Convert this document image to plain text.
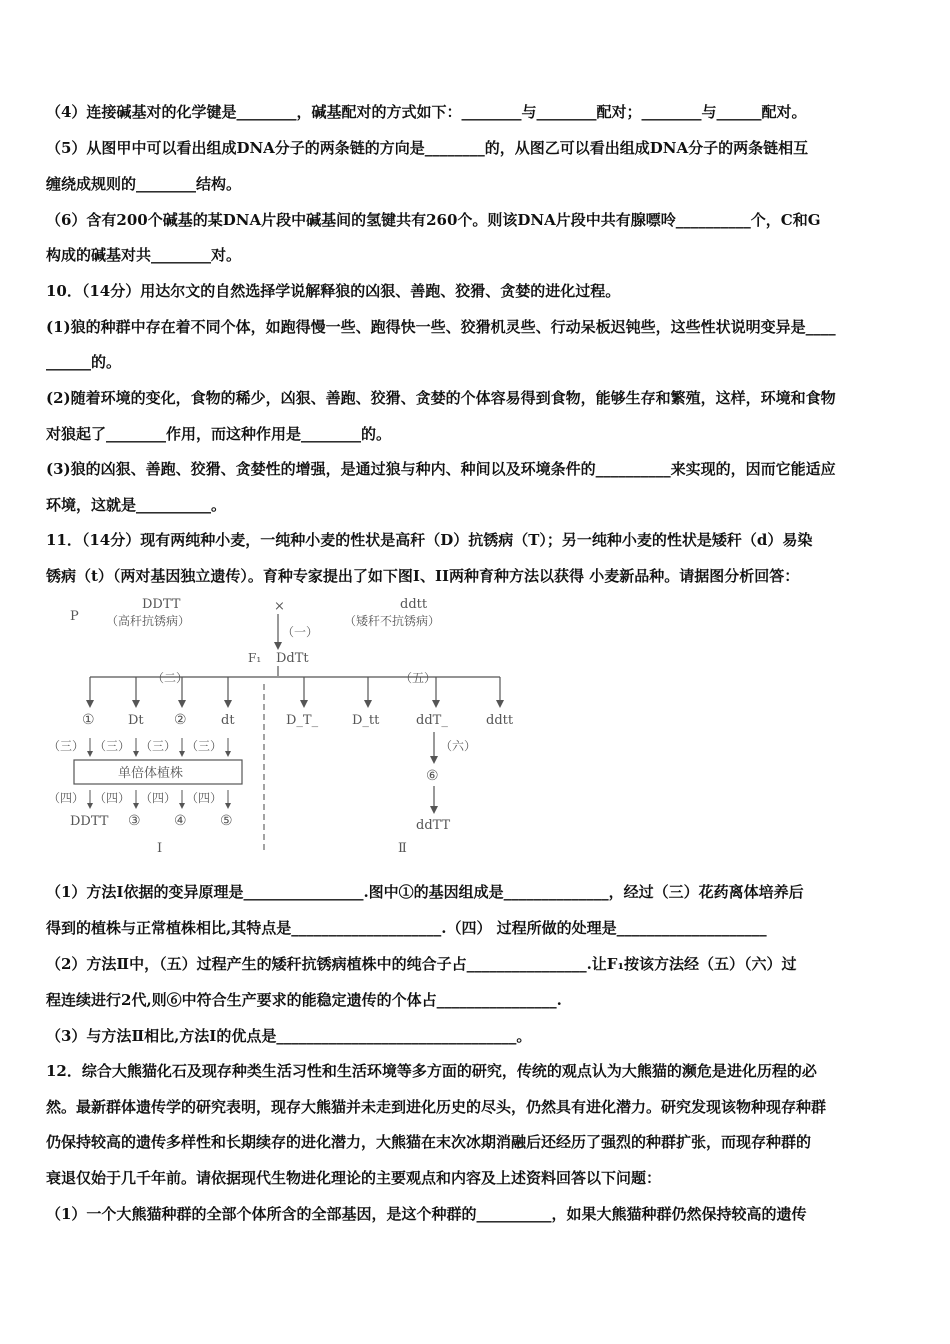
（4）连接碱基对的化学键是________，碱基配对的方式如下：________与________配对；________与______配对。
（5）从图甲中可以看出组成DNA分子的两条链的方向是________的，从图乙可以看出组成DNA分子的两条链相互
缠绕成规则的________结构。
（6）含有200个碱基的某DNA片段中碱基间的氢键共有260个。则该DNA片段中共有腺嘌呤__________个，C和G
构成的碱基对共________对。
10．（14分）用达尔文的自然选择学说解释狼的凶狠、善跑、狡猾、贪婪的进化过程。
(1)狼的种群中存在着不同个体，如跑得慢一些、跑得快一些、狡猾机灵些、行动呆板迟钝些，这些性状说明变异是____
______的。
(2)随着环境的变化，食物的稀少，凶狠、善跑、狡猾、贪婪的个体容易得到食物，能够生存和繁殖，这样，环境和食物
对狼起了________作用，而这种作用是________的。
(3)狼的凶狠、善跑、狡猾、贪婪性的增强，是通过狼与种内、种间以及环境条件的__________来实现的，因而它能适应
环境，这就是__________。
11．（14分）现有两纯种小麦，一纯种小麦的性状是高秆（D）抗锈病（T）；另一纯种小麦的性状是矮秆（d）易染
锈病（t）（两对基因独立遗传）。育种专家提出了如下图I、II两种育种方法以获得 小麦新品种。请据图分析回答：
P
DDTT
（高秆抗锈病）
×	ddtt
（矮秆不抗锈病）
（一）
F₁ DdTt
（二）
①	Dt ②	dt
（三） （三） （三） （三）
单倍体植株
（四） （四） （四） （四）
DDTT ③ ④ ⑤
I
（五）
D_T_	D_tt	ddT_	ddtt
（六）
⑥
ddTT
Ⅱ
（1）方法I依据的变异原理是________________.图中①的基因组成是______________，经过（三）花药离体培养后
得到的植株与正常植株相比,其特点是____________________.（四） 过程所做的处理是____________________
（2）方法Ⅱ中，（五）过程产生的矮秆抗锈病植株中的纯合子占________________.让F₁按该方法经（五）（六）过
程连续进行2代,则⑥中符合生产要求的能稳定遗传的个体占________________.
（3）与方法Ⅱ相比,方法Ⅰ的优点是________________________________。
12．综合大熊猫化石及现存种类生活习性和生活环境等多方面的研究，传统的观点认为大熊猫的濒危是进化历程的必
然。最新群体遗传学的研究表明，现存大熊猫并未走到进化历史的尽头，仍然具有进化潜力。研究发现该物种现存种群
仍保持较高的遗传多样性和长期续存的进化潜力，大熊猫在末次冰期消融后还经历了强烈的种群扩张，而现存种群的
衰退仅始于几千年前。请依据现代生物进化理论的主要观点和内容及上述资料回答以下问题：
（1）一个大熊猫种群的全部个体所含的全部基因，是这个种群的__________，如果大熊猫种群仍然保持较高的遗传
